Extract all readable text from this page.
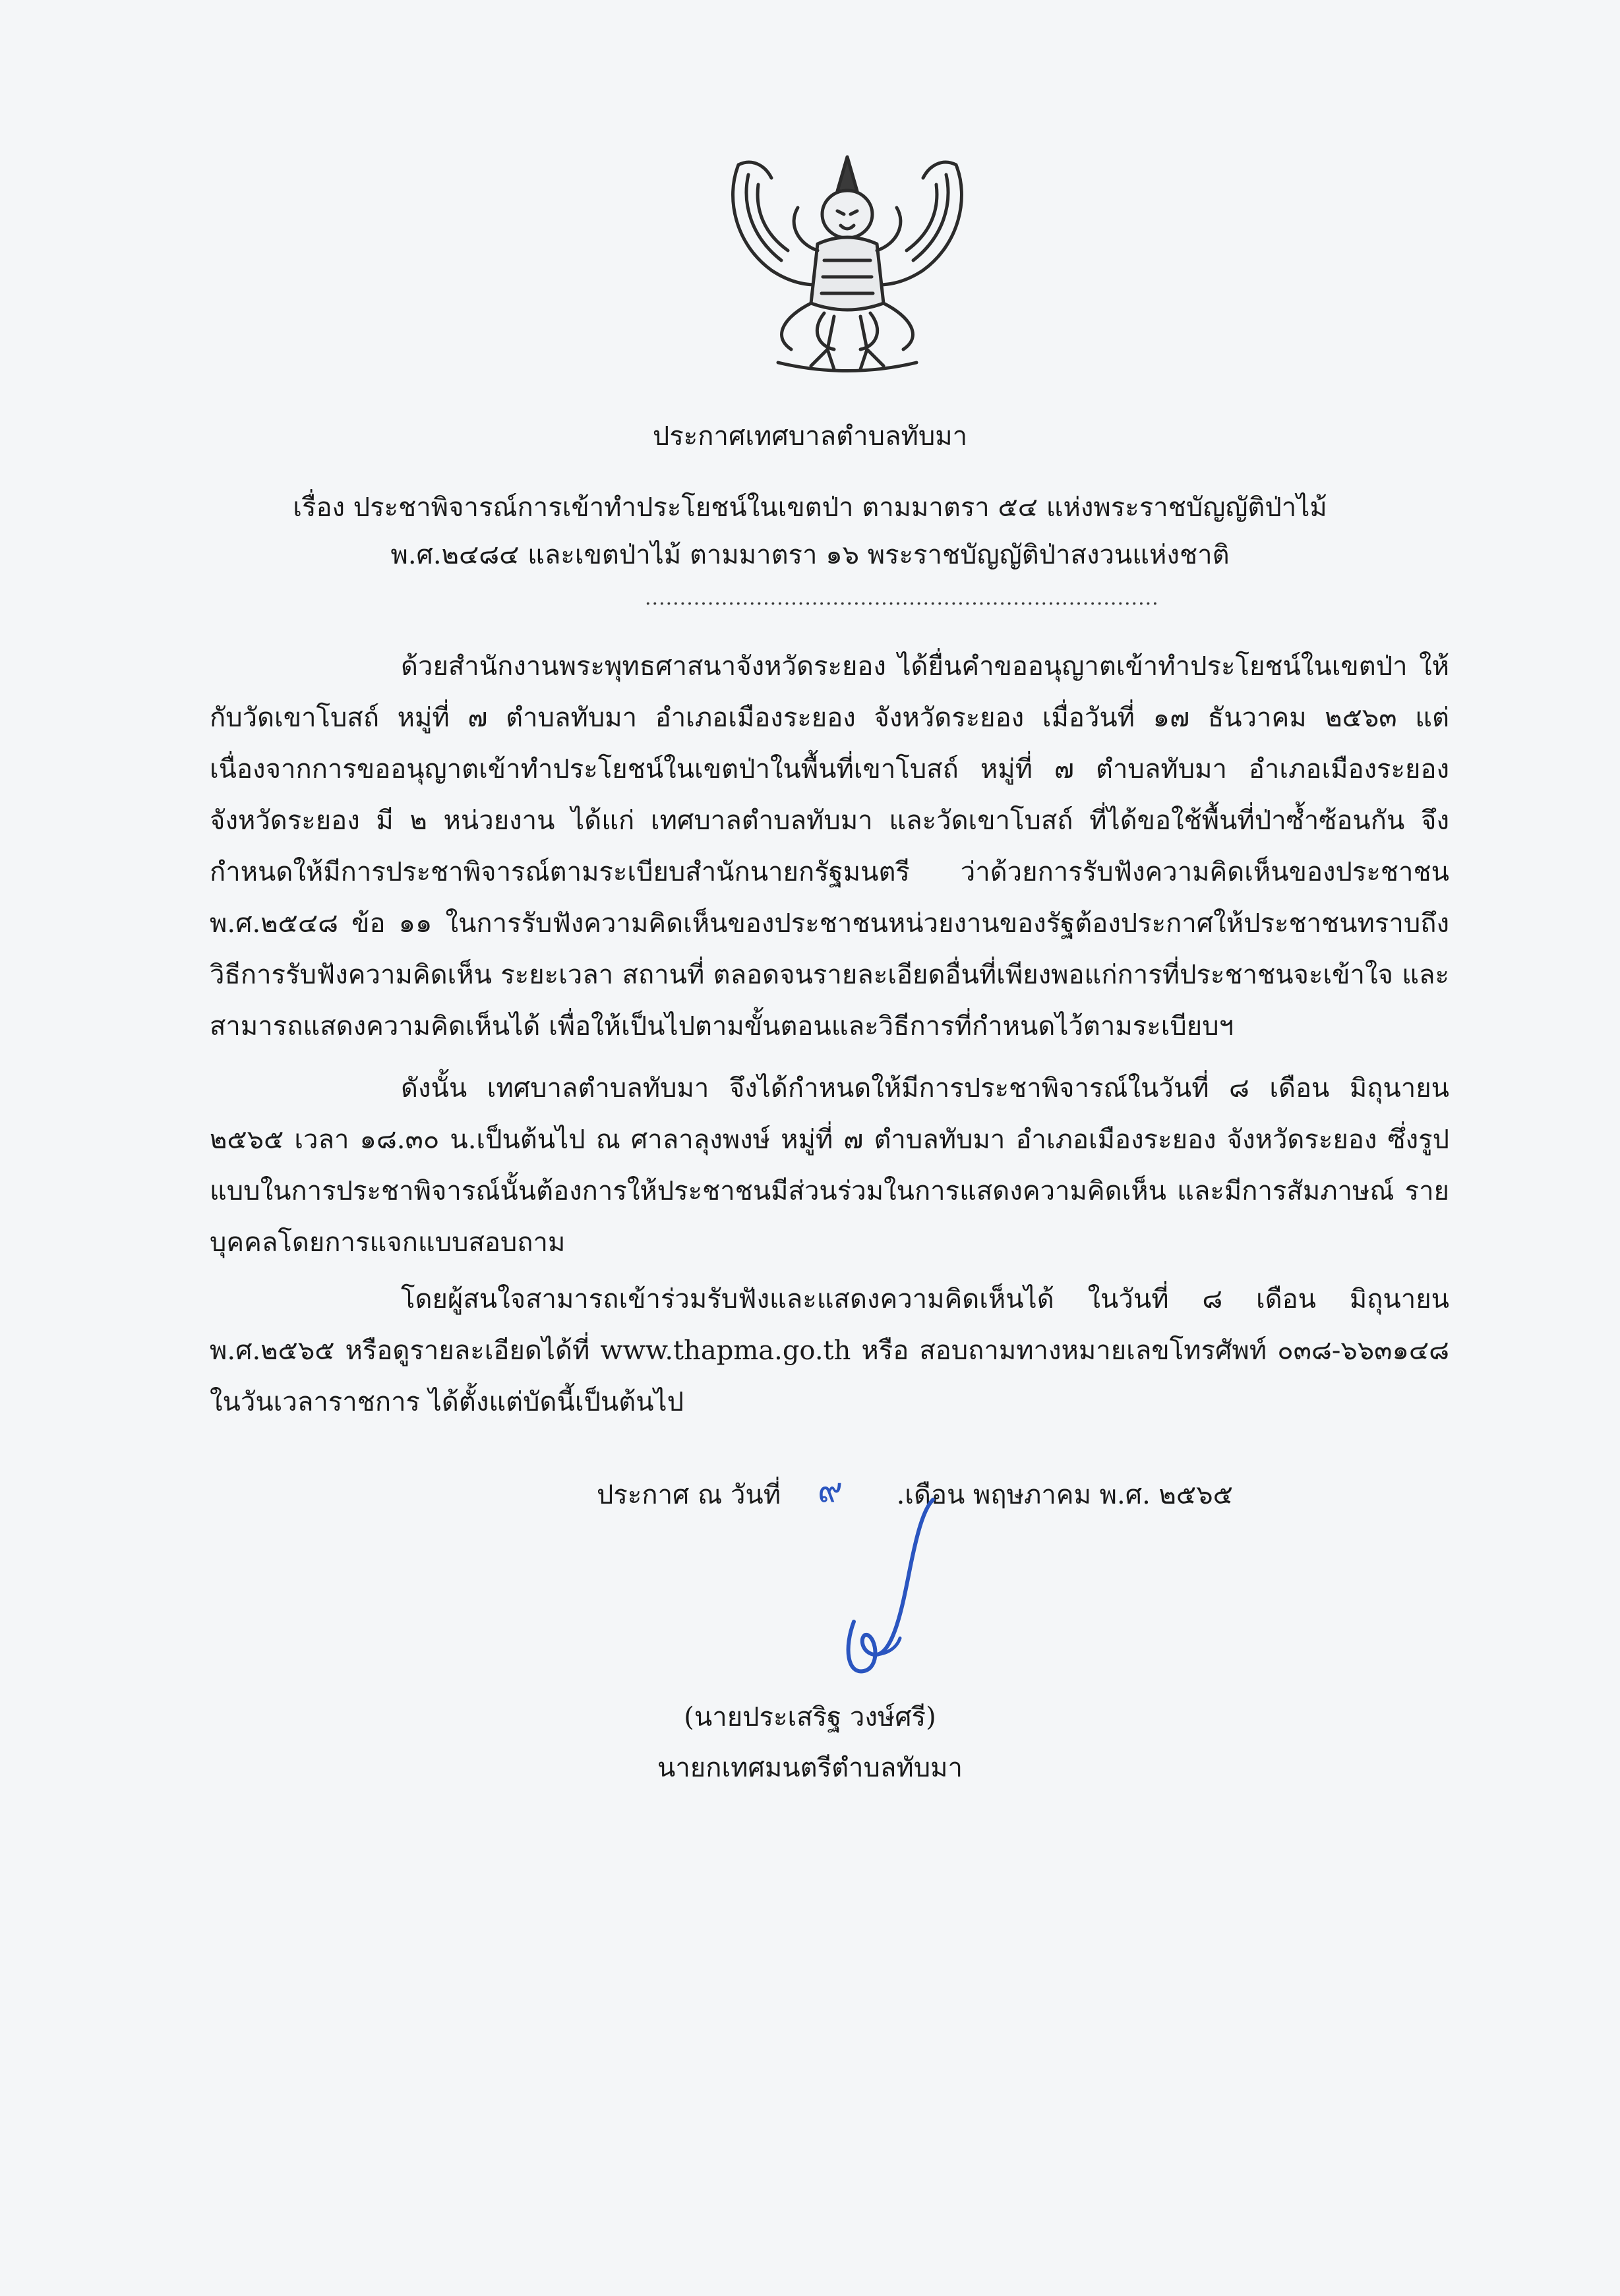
ประกาศเทศบาลตำบลทับมา
เรื่อง ประชาพิจารณ์การเข้าทำประโยชน์ในเขตป่า ตามมาตรา ๕๔ แห่งพระราชบัญญัติป่าไม้
พ.ศ.๒๔๘๔ และเขตป่าไม้ ตามมาตรา ๑๖ พระราชบัญญัติป่าสงวนแห่งชาติ
..........................................................................
ด้วยสำนักงานพระพุทธศาสนาจังหวัดระยอง ได้ยื่นคำขออนุญาตเข้าทำประโยชน์ในเขตป่า ให้กับวัดเขาโบสถ์ หมู่ที่ ๗ ตำบลทับมา อำเภอเมืองระยอง จังหวัดระยอง เมื่อวันที่ ๑๗ ธันวาคม ๒๕๖๓ แต่ เนื่องจากการขออนุญาตเข้าทำประโยชน์ในเขตป่าในพื้นที่เขาโบสถ์ หมู่ที่ ๗ ตำบลทับมา อำเภอเมืองระยอง จังหวัดระยอง มี ๒ หน่วยงาน ได้แก่ เทศบาลตำบลทับมา และวัดเขาโบสถ์ ที่ได้ขอใช้พื้นที่ป่าซ้ำซ้อนกัน จึงกำหนดให้มีการประชาพิจารณ์ตามระเบียบสำนักนายกรัฐมนตรี ว่าด้วยการรับฟังความคิดเห็นของประชาชน พ.ศ.๒๕๔๘ ข้อ ๑๑ ในการรับฟังความคิดเห็นของประชาชนหน่วยงานของรัฐต้องประกาศให้ประชาชนทราบถึง วิธีการรับฟังความคิดเห็น ระยะเวลา สถานที่ ตลอดจนรายละเอียดอื่นที่เพียงพอแก่การที่ประชาชนจะเข้าใจ และสามารถแสดงความคิดเห็นได้ เพื่อให้เป็นไปตามขั้นตอนและวิธีการที่กำหนดไว้ตามระเบียบฯ
ดังนั้น เทศบาลตำบลทับมา จึงได้กำหนดให้มีการประชาพิจารณ์ในวันที่ ๘ เดือน มิถุนายน ๒๕๖๕ เวลา ๑๘.๓๐ น.เป็นต้นไป ณ ศาลาลุงพงษ์ หมู่ที่ ๗ ตำบลทับมา อำเภอเมืองระยอง จังหวัดระยอง ซึ่งรูปแบบในการประชาพิจารณ์นั้นต้องการให้ประชาชนมีส่วนร่วมในการแสดงความคิดเห็น และมีการสัมภาษณ์ รายบุคคลโดยการแจกแบบสอบถาม
โดยผู้สนใจสามารถเข้าร่วมรับฟังและแสดงความคิดเห็นได้ ในวันที่ ๘ เดือน มิถุนายน พ.ศ.๒๕๖๕ หรือดูรายละเอียดได้ที่ www.thapma.go.th หรือ สอบถามทางหมายเลขโทรศัพท์ ๐๓๘-๖๖๓๑๔๘ ในวันเวลาราชการ ได้ตั้งแต่บัดนี้เป็นต้นไป
ประกาศ ณ วันที่	.เดือน พฤษภาคม พ.ศ. ๒๕๖๕
๙
(นายประเสริฐ วงษ์ศรี)
นายกเทศมนตรีตำบลทับมา
